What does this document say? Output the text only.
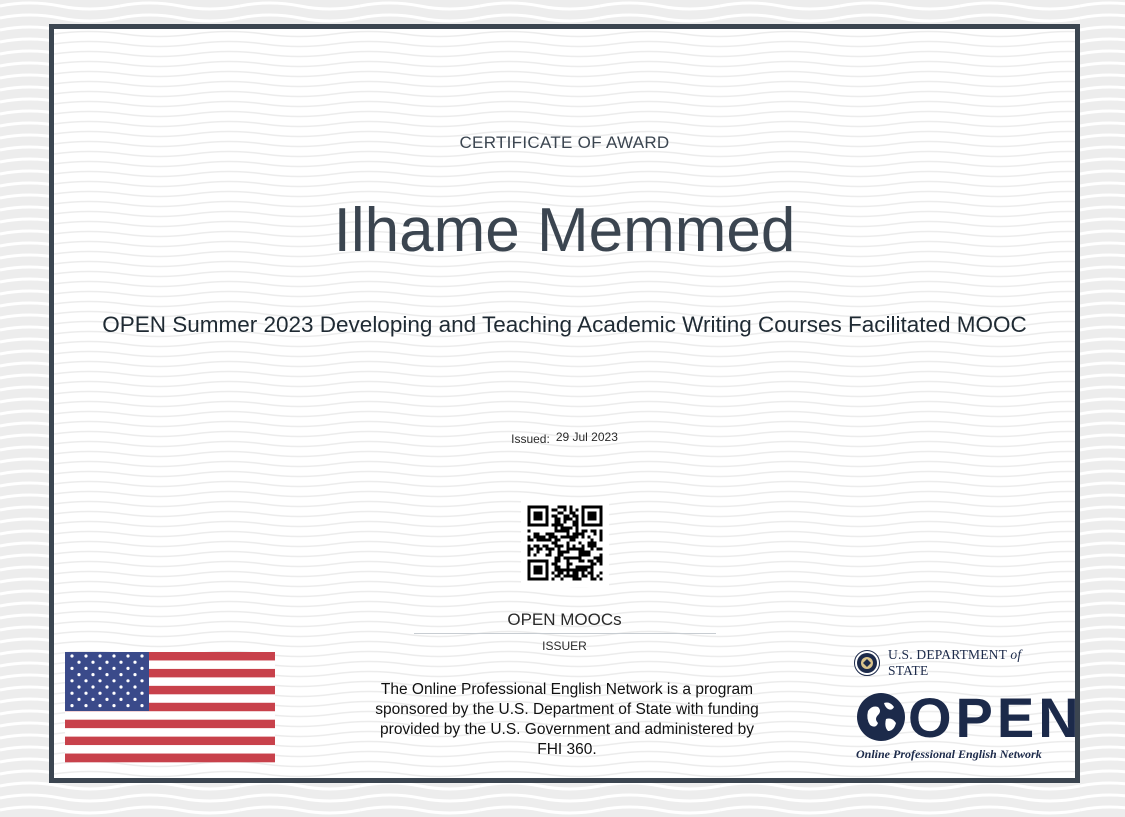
CERTIFICATE OF AWARD
Ilhame Memmed
OPEN Summer 2023 Developing and Teaching Academic Writing Courses Facilitated MOOC
Issued: 29 Jul 2023
OPEN MOOCs
ISSUER
The Online Professional English Network is a program sponsored by the U.S. Department of State with funding provided by the U.S. Government and administered by FHI 360.
U.S. DEPARTMENT of STATE
OPEN
Online Professional English Network
